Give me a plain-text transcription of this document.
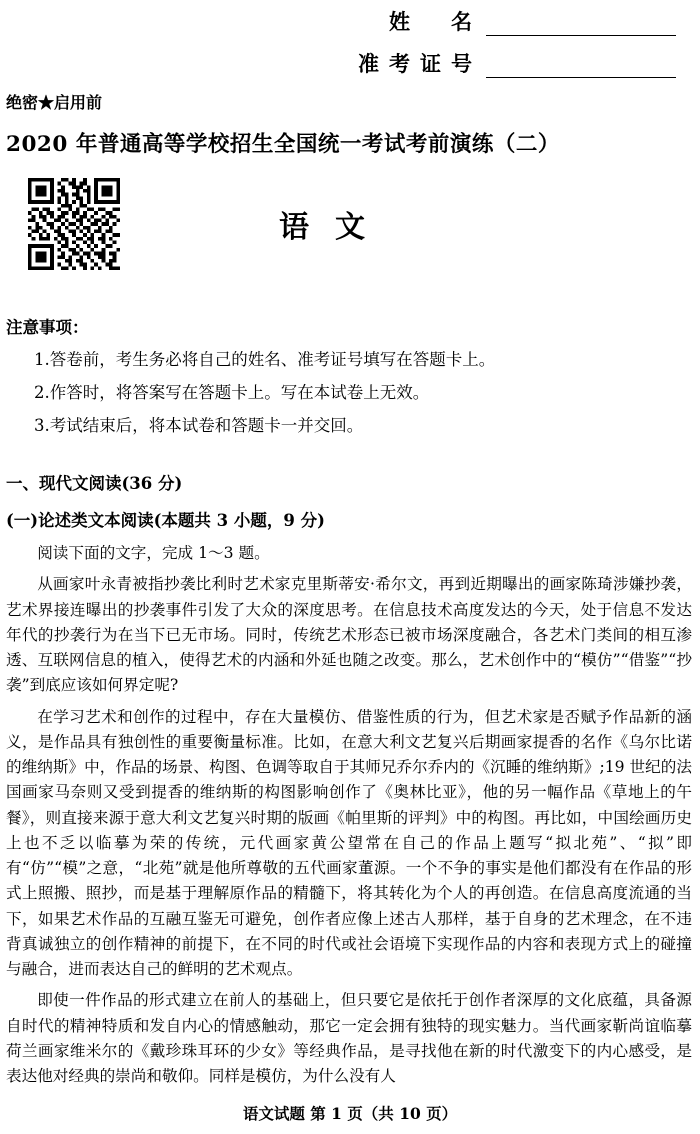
姓　名
准考证号
绝密★启用前
2020 年普通高等学校招生全国统一考试考前演练（二）
语文
注意事项：
1.答卷前，考生务必将自己的姓名、准考证号填写在答题卡上。
2.作答时，将答案写在答题卡上。写在本试卷上无效。
3.考试结束后，将本试卷和答题卡一并交回。
一、现代文阅读(36 分)
(一)论述类文本阅读(本题共 3 小题，9 分)
阅读下面的文字，完成 1～3 题。
从画家叶永青被指抄袭比利时艺术家克里斯蒂安·希尔文，再到近期曝出的画家陈琦涉嫌抄袭，艺术界接连曝出的抄袭事件引发了大众的深度思考。在信息技术高度发达的今天，处于信息不发达年代的抄袭行为在当下已无市场。同时，传统艺术形态已被市场深度融合，各艺术门类间的相互渗透、互联网信息的植入，使得艺术的内涵和外延也随之改变。那么，艺术创作中的“模仿”“借鉴”“抄袭”到底应该如何界定呢?
在学习艺术和创作的过程中，存在大量模仿、借鉴性质的行为，但艺术家是否赋予作品新的涵义，是作品具有独创性的重要衡量标准。比如，在意大利文艺复兴后期画家提香的名作《乌尔比诺的维纳斯》中，作品的场景、构图、色调等取自于其师兄乔尔乔内的《沉睡的维纳斯》;19 世纪的法国画家马奈则又受到提香的维纳斯的构图影响创作了《奥林比亚》，他的另一幅作品《草地上的午餐》，则直接来源于意大利文艺复兴时期的版画《帕里斯的评判》中的构图。再比如，中国绘画历史上也不乏以临摹为荣的传统，元代画家黄公望常在自己的作品上题写“拟北苑”、“拟”即有“仿”“模”之意，“北苑”就是他所尊敬的五代画家董源。一个不争的事实是他们都没有在作品的形式上照搬、照抄，而是基于理解原作品的精髓下，将其转化为个人的再创造。在信息高度流通的当下，如果艺术作品的互融互鉴无可避免，创作者应像上述古人那样，基于自身的艺术理念，在不违背真诚独立的创作精神的前提下，在不同的时代或社会语境下实现作品的内容和表现方式上的碰撞与融合，进而表达自己的鲜明的艺术观点。
即使一件作品的形式建立在前人的基础上，但只要它是依托于创作者深厚的文化底蕴，具备源自时代的精神特质和发自内心的情感触动，那它一定会拥有独特的现实魅力。当代画家靳尚谊临摹荷兰画家维米尔的《戴珍珠耳环的少女》等经典作品，是寻找他在新的时代激变下的内心感受，是表达他对经典的崇尚和敬仰。同样是模仿，为什么没有人
语文试题 第 1 页（共 10 页）
